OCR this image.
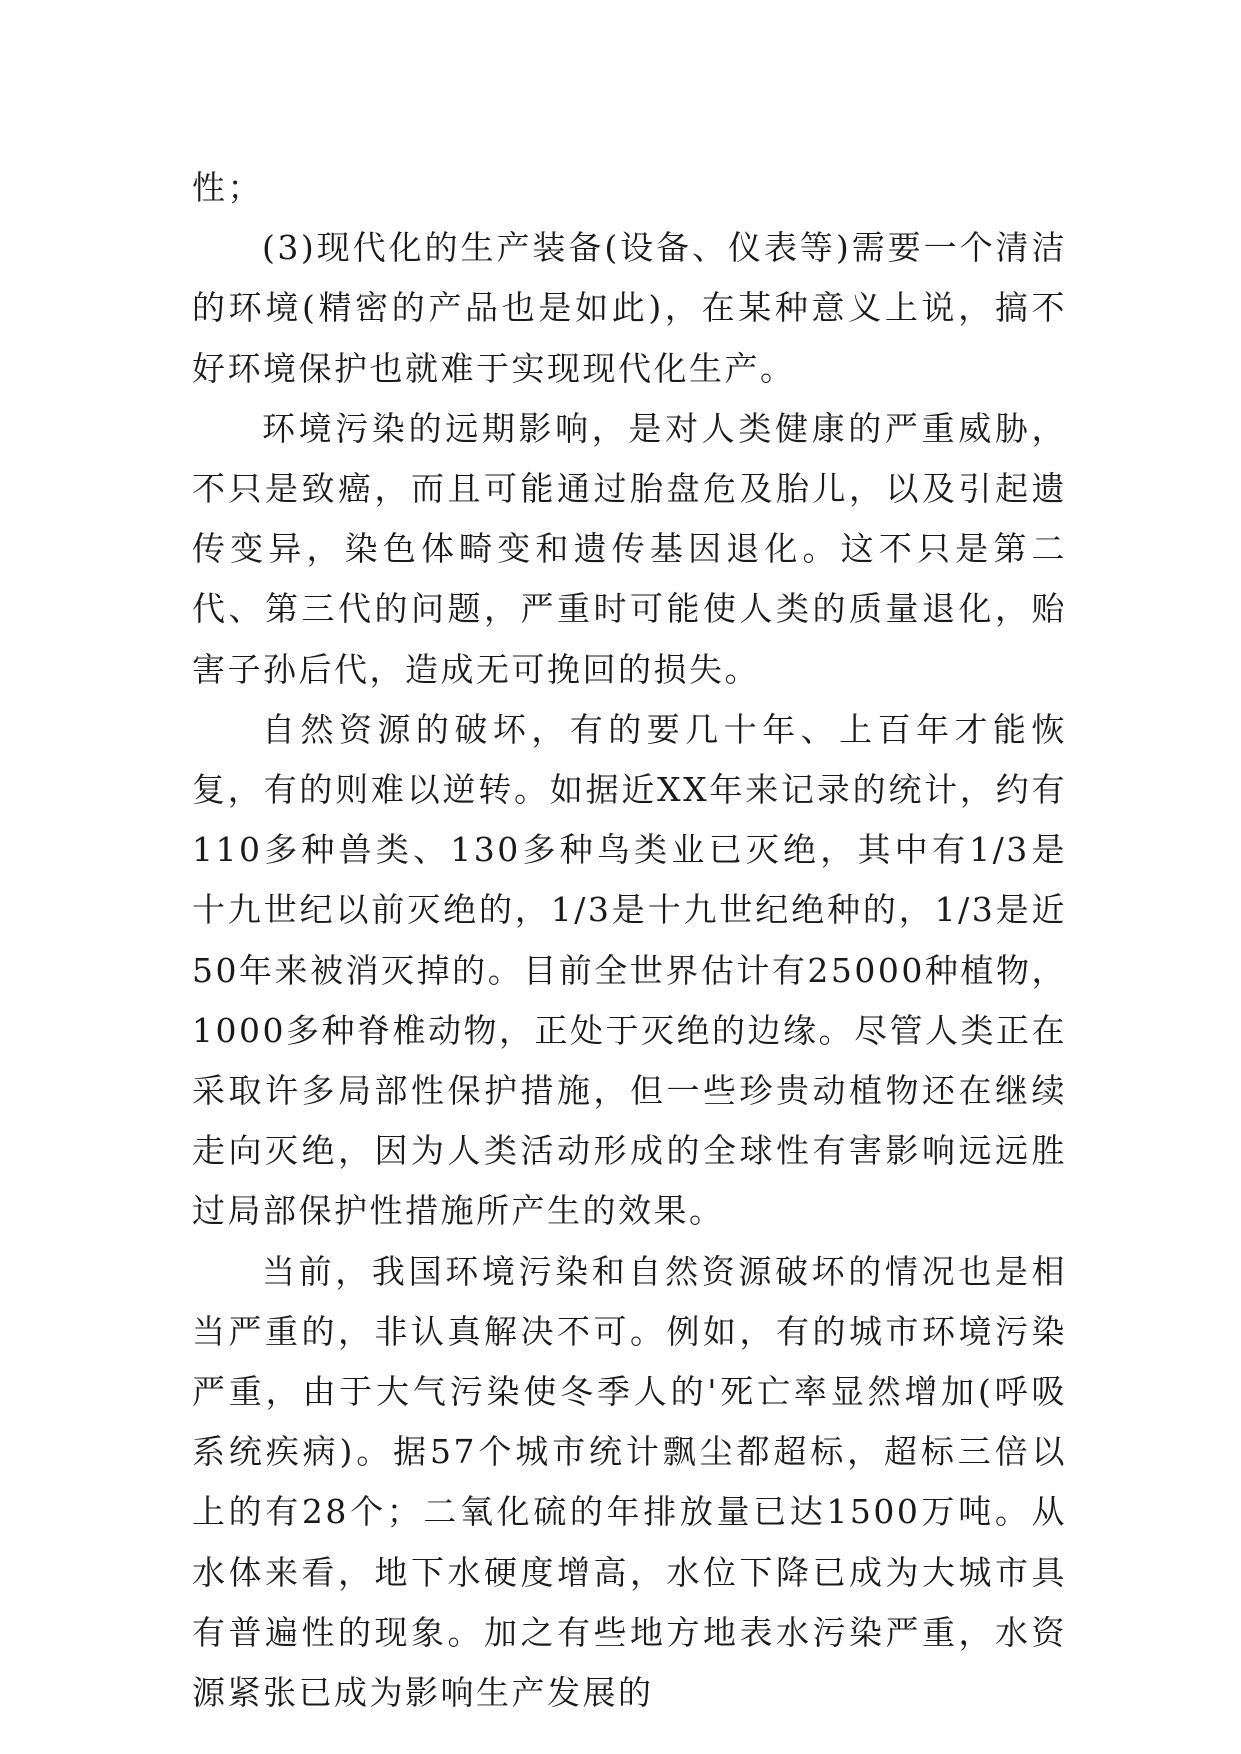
性；

(3)现代化的生产装备(设备、仪表等)需要一个清洁的环境(精密的产品也是如此)，在某种意义上说，搞不好环境保护也就难于实现现代化生产。

环境污染的远期影响，是对人类健康的严重威胁，不只是致癌，而且可能通过胎盘危及胎儿，以及引起遗传变异，染色体畸变和遗传基因退化。这不只是第二代、第三代的问题，严重时可能使人类的质量退化，贻害子孙后代，造成无可挽回的损失。

自然资源的破坏，有的要几十年、上百年才能恢复，有的则难以逆转。如据近XX年来记录的统计，约有110多种兽类、130多种鸟类业已灭绝，其中有1/3是十九世纪以前灭绝的，1/3是十九世纪绝种的，1/3是近50年来被消灭掉的。目前全世界估计有25000种植物，1000多种脊椎动物，正处于灭绝的边缘。尽管人类正在采取许多局部性保护措施，但一些珍贵动植物还在继续走向灭绝，因为人类活动形成的全球性有害影响远远胜过局部保护性措施所产生的效果。

当前，我国环境污染和自然资源破坏的情况也是相当严重的，非认真解决不可。例如，有的城市环境污染严重，由于大气污染使冬季人的'死亡率显然增加(呼吸系统疾病)。据57个城市统计飘尘都超标，超标三倍以上的有28个；二氧化硫的年排放量已达1500万吨。从水体来看，地下水硬度增高，水位下降已成为大城市具有普遍性的现象。加之有些地方地表水污染严重，水资源紧张已成为影响生产发展的
